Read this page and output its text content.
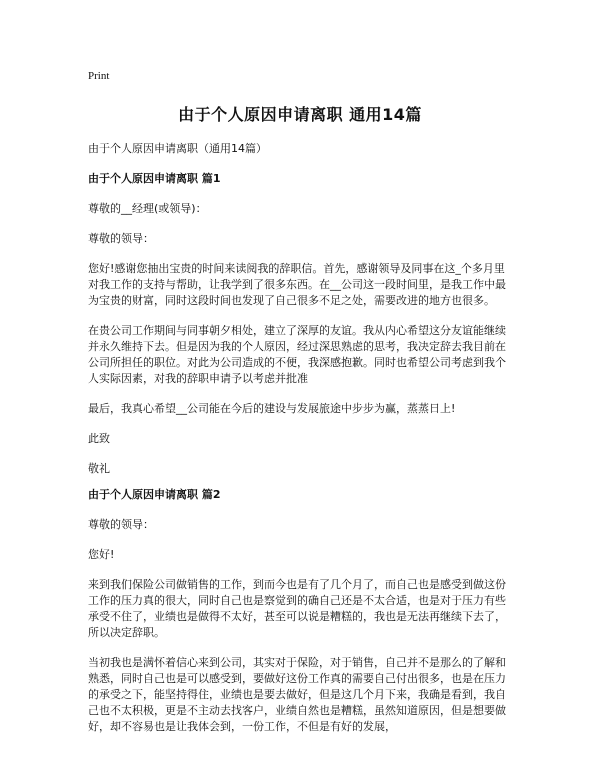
Print
由于个人原因申请离职 通用14篇
由于个人原因申请离职（通用14篇）
由于个人原因申请离职 篇1
尊敬的__经理(或领导)：
尊敬的领导：
您好!感谢您抽出宝贵的时间来读阅我的辞职信。首先，感谢领导及同事在这_个多月里对我工作的支持与帮助，让我学到了很多东西。在__公司这一段时间里，是我工作中最为宝贵的财富，同时这段时间也发现了自己很多不足之处，需要改进的地方也很多。
在贵公司工作期间与同事朝夕相处，建立了深厚的友谊。我从内心希望这分友谊能继续并永久维持下去。但是因为我的个人原因，经过深思熟虑的思考，我决定辞去我目前在公司所担任的职位。对此为公司造成的不便，我深感抱歉。同时也希望公司考虑到我个人实际因素，对我的辞职申请予以考虑并批准
最后，我真心希望__公司能在今后的建设与发展旅途中步步为赢，蒸蒸日上!
此致
敬礼
由于个人原因申请离职 篇2
尊敬的领导：
您好!
来到我们保险公司做销售的工作，到而今也是有了几个月了，而自己也是感受到做这份工作的压力真的很大，同时自己也是察觉到的确自己还是不太合适，也是对于压力有些承受不住了，业绩也是做得不太好，甚至可以说是糟糕的，我也是无法再继续下去了，所以决定辞职。
当初我也是满怀着信心来到公司，其实对于保险，对于销售，自己并不是那么的了解和熟悉，同时自己也是可以感受到，要做好这份工作真的需要自己付出很多，也是在压力的承受之下，能坚持得住，业绩也是要去做好，但是这几个月下来，我确是看到，我自己也不太积极，更是不主动去找客户，业绩自然也是糟糕，虽然知道原因，但是想要做好，却不容易也是让我体会到，一份工作，不但是有好的发展，
